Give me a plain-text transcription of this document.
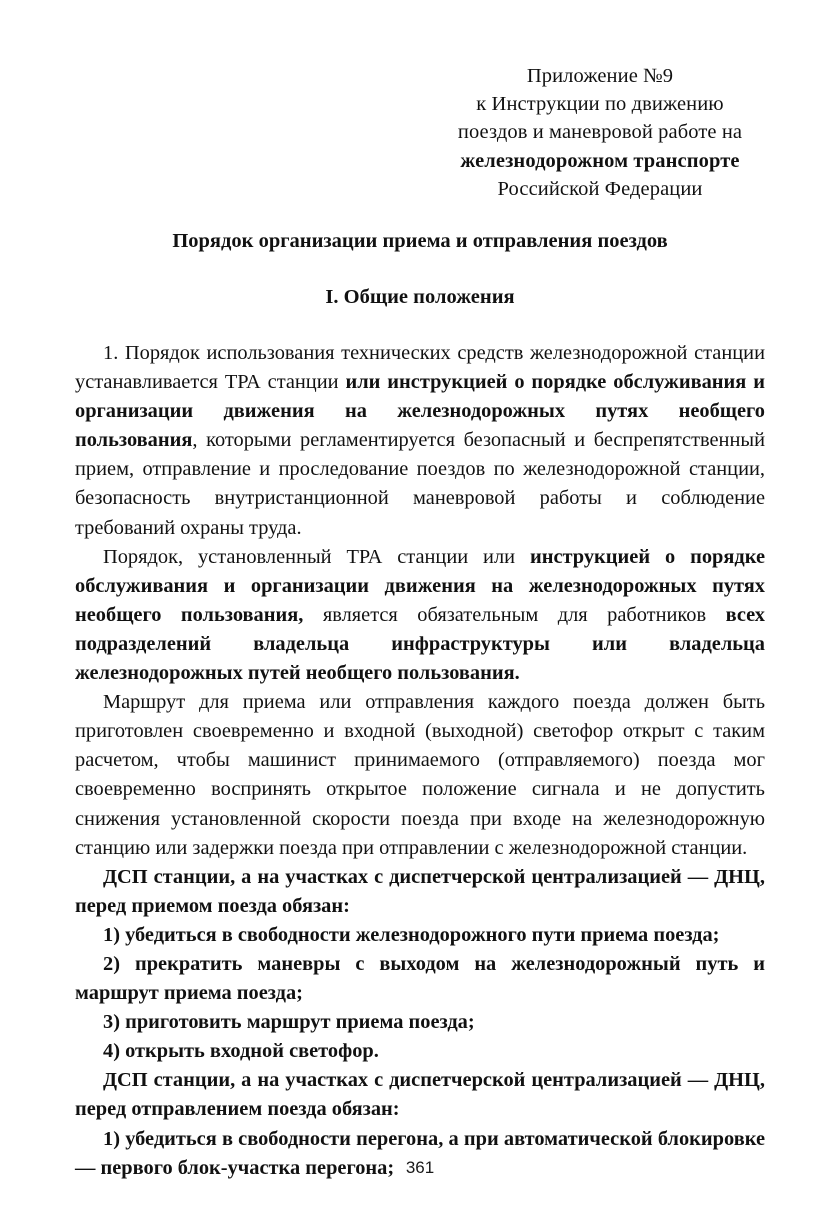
Приложение №9
к Инструкции по движению
поездов и маневровой работе на
железнодорожном транспорте
Российской Федерации
Порядок организации приема и отправления поездов
I. Общие положения

1. Порядок использования технических средств железнодорожной станции устанавливается ТРА станции или инструкцией о порядке обслуживания и организации движения на железнодорожных путях необщего пользования, которыми регламентируется безопасный и беспрепятственный прием, отправление и проследование поездов по железнодорожной станции, безопасность внутристанционной маневровой работы и соблюдение требований охраны труда.

Порядок, установленный ТРА станции или инструкцией о порядке обслуживания и организации движения на железнодорожных путях необщего пользования, является обязательным для работников всех подразделений владельца инфраструктуры или владельца железнодорожных путей необщего пользования.

Маршрут для приема или отправления каждого поезда должен быть приготовлен своевременно и входной (выходной) светофор открыт с таким расчетом, чтобы машинист принимаемого (отправляемого) поезда мог своевременно воспринять открытое положение сигнала и не допустить снижения установленной скорости поезда при входе на железнодорожную станцию или задержки поезда при отправлении с железнодорожной станции.

ДСП станции, а на участках с диспетчерской централизацией — ДНЦ, перед приемом поезда обязан:

1) убедиться в свободности железнодорожного пути приема поезда;

2) прекратить маневры с выходом на железнодорожный путь и маршрут приема поезда;

3) приготовить маршрут приема поезда;

4) открыть входной светофор.

ДСП станции, а на участках с диспетчерской централизацией — ДНЦ, перед отправлением поезда обязан:

1) убедиться в свободности перегона, а при автоматической блокировке — первого блок-участка перегона; 361
